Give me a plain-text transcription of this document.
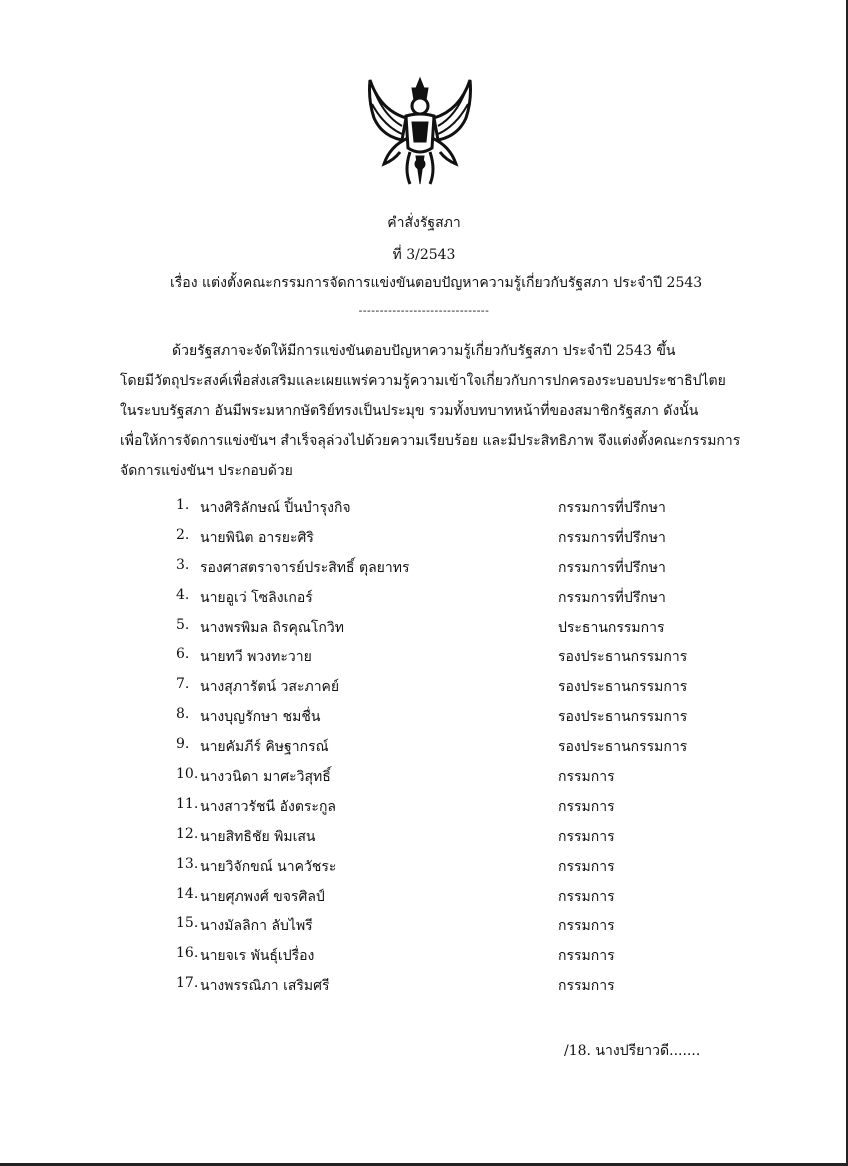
คำสั่งรัฐสภา
ที่ 3/2543
เรื่อง แต่งตั้งคณะกรรมการจัดการแข่งขันตอบปัญหาความรู้เกี่ยวกับรัฐสภา ประจำปี 2543
-------------------------------
ด้วยรัฐสภาจะจัดให้มีการแข่งขันตอบปัญหาความรู้เกี่ยวกับรัฐสภา ประจำปี 2543 ขึ้น
โดยมีวัตถุประสงค์เพื่อส่งเสริมและเผยแพร่ความรู้ความเข้าใจเกี่ยวกับการปกครองระบอบประชาธิปไตย
ในระบบรัฐสภา อันมีพระมหากษัตริย์ทรงเป็นประมุข รวมทั้งบทบาทหน้าที่ของสมาชิกรัฐสภา ดังนั้น
เพื่อให้การจัดการแข่งขันฯ สำเร็จลุล่วงไปด้วยความเรียบร้อย และมีประสิทธิภาพ จึงแต่งตั้งคณะกรรมการ
จัดการแข่งขันฯ ประกอบด้วย
1. นางศิริลักษณ์ ปิ้นบำรุงกิจ	กรรมการที่ปรึกษา
2. นายพินิต อารยะศิริ	กรรมการที่ปรึกษา
3. รองศาสตราจารย์ประสิทธิ์ ตุลยาทร	กรรมการที่ปรึกษา
4. นายอูเว่ โซลิงเกอร์	กรรมการที่ปรึกษา
5. นางพรพิมล ถิรคุณโกวิท	ประธานกรรมการ
6. นายทวี พวงทะวาย	รองประธานกรรมการ
7. นางสุภารัตน์ วสะภาคย์	รองประธานกรรมการ
8. นางบุญรักษา ชมชื่น	รองประธานกรรมการ
9. นายคัมภีร์ คิษฐากรณ์	รองประธานกรรมการ
10. นางวนิดา มาศะวิสุทธิ์	กรรมการ
11. นางสาวรัชนี อังตระกูล	กรรมการ
12. นายสิทธิชัย พิมเสน	กรรมการ
13. นายวิจักขณ์ นาควัชระ	กรรมการ
14. นายศุภพงศ์ ขจรศิลป์	กรรมการ
15. นางมัลลิกา ลับไพรี	กรรมการ
16. นายจเร พันธุ์เปรื่อง	กรรมการ
17. นางพรรณิภา เสริมศรี	กรรมการ
/18. นางปรียาวดี.......
